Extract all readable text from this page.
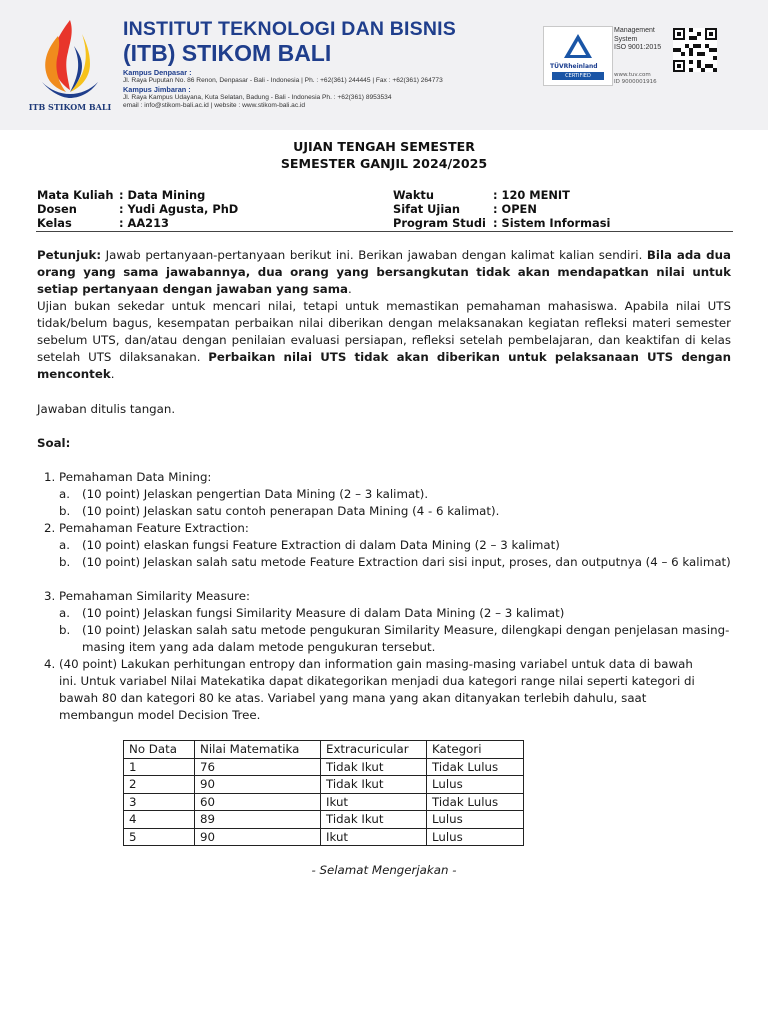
ITB STIKOM BALI
INSTITUT TEKNOLOGI DAN BISNIS
(ITB) STIKOM BALI
Kampus Denpasar :
Jl. Raya Puputan No. 86 Renon, Denpasar - Bali - Indonesia | Ph. : +62(361) 244445 | Fax : +62(361) 264773
Kampus Jimbaran :
Jl. Raya Kampus Udayana, Kuta Selatan, Badung - Bali - Indonesia Ph. : +62(361) 8953534
email : info@stikom-bali.ac.id | website : www.stikom-bali.ac.id
TÜVRheinland
CERTIFIED
Management
System
ISO 9001:2015
www.tuv.com
ID 9000001916
UJIAN TENGAH SEMESTER
SEMESTER GANJIL 2024/2025
Mata Kuliah : Data Mining
Dosen	: Yudi Agusta, PhD
Kelas	: AA213
Waktu	: 120 MENIT
Sifat Ujian	: OPEN
Program Studi : Sistem Informasi
Petunjuk: Jawab pertanyaan-pertanyaan berikut ini. Berikan jawaban dengan kalimat kalian sendiri. Bila ada dua orang yang sama jawabannya, dua orang yang bersangkutan tidak akan mendapatkan nilai untuk setiap pertanyaan dengan jawaban yang sama.
Ujian bukan sekedar untuk mencari nilai, tetapi untuk memastikan pemahaman mahasiswa. Apabila nilai UTS tidak/belum bagus, kesempatan perbaikan nilai diberikan dengan melaksanakan kegiatan refleksi materi semester sebelum UTS, dan/atau dengan penilaian evaluasi persiapan, refleksi setelah pembelajaran, dan keaktifan di kelas setelah UTS dilaksanakan. Perbaikan nilai UTS tidak akan diberikan untuk pelaksanaan UTS dengan mencontek.
Jawaban ditulis tangan.
Soal:
1. Pemahaman Data Mining:
a. (10 point) Jelaskan pengertian Data Mining (2 – 3 kalimat).
b. (10 point) Jelaskan satu contoh penerapan Data Mining (4 - 6 kalimat).
2. Pemahaman Feature Extraction:
a. (10 point) elaskan fungsi Feature Extraction di dalam Data Mining (2 – 3 kalimat)
b. (10 point) Jelaskan salah satu metode Feature Extraction dari sisi input, proses, dan outputnya (4 – 6 kalimat)
3. Pemahaman Similarity Measure:
a. (10 point) Jelaskan fungsi Similarity Measure di dalam Data Mining (2 – 3 kalimat)
b. (10 point) Jelaskan salah satu metode pengukuran Similarity Measure, dilengkapi dengan penjelasan masing-masing item yang ada dalam metode pengukuran tersebut.
4. (40 point) Lakukan perhitungan entropy dan information gain masing-masing variabel untuk data di bawah ini. Untuk variabel Nilai Matekatika dapat dikategorikan menjadi dua kategori range nilai seperti kategori di bawah 80 dan kategori 80 ke atas. Variabel yang mana yang akan ditanyakan terlebih dahulu, saat membangun model Decision Tree.
No Data	Nilai Matematika	Extracuricular	Kategori
1	76	Tidak Ikut	Tidak Lulus
2	90	Tidak Ikut	Lulus
3	60	Ikut	Tidak Lulus
4	89	Tidak Ikut	Lulus
5	90	Ikut	Lulus
- Selamat Mengerjakan -
